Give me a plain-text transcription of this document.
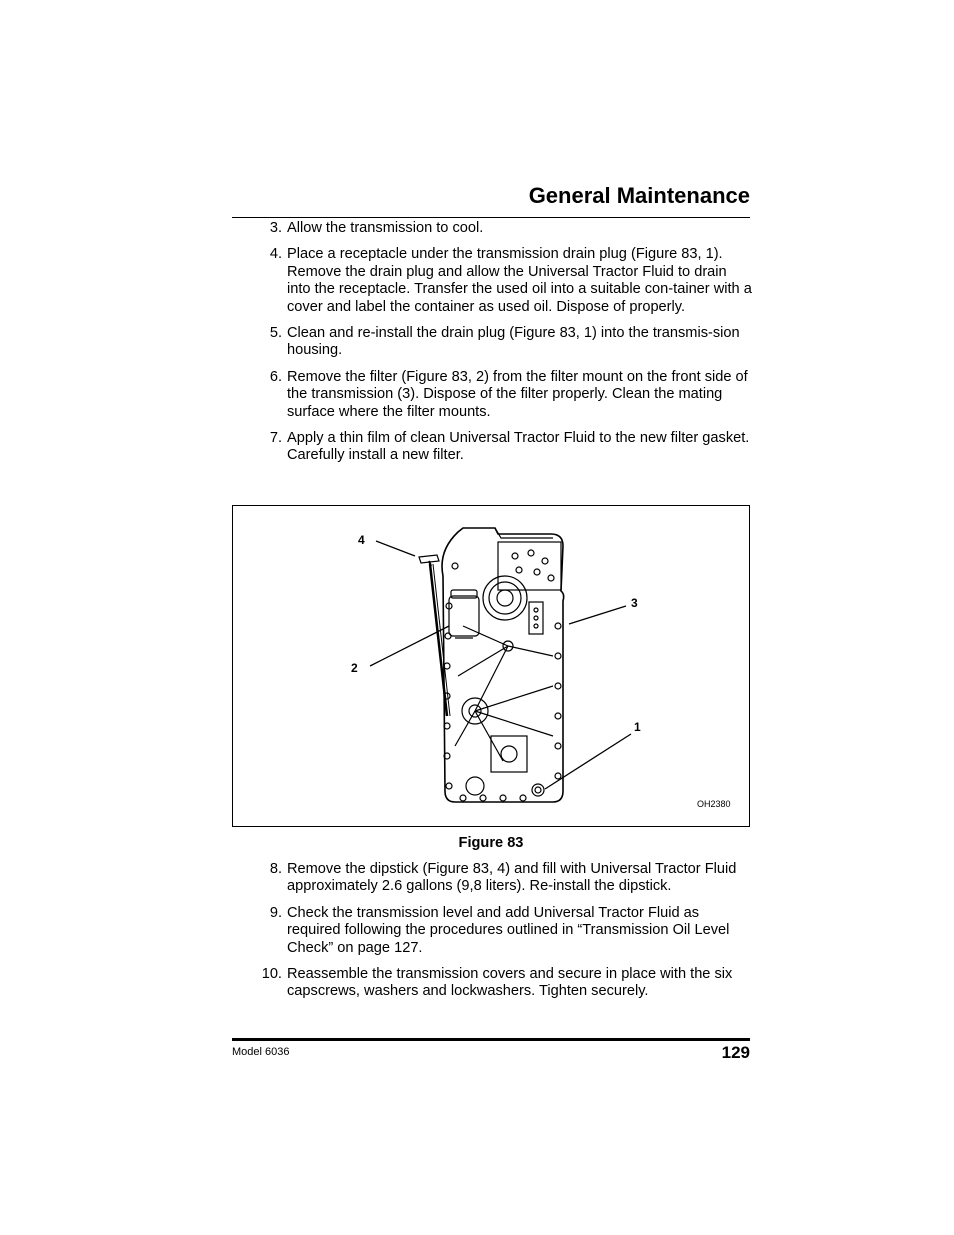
General Maintenance
3. Allow the transmission to cool.
4. Place a receptacle under the transmission drain plug (Figure 83, 1). Remove the drain plug and allow the Universal Tractor Fluid to drain into the receptacle. Transfer the used oil into a suitable con-tainer with a cover and label the container as used oil. Dispose of properly.
5. Clean and re-install the drain plug (Figure 83, 1) into the transmis-sion housing.
6. Remove the filter (Figure 83, 2) from the filter mount on the front side of the transmission (3). Dispose of the filter properly. Clean the mating surface where the filter mounts.
7. Apply a thin film of clean Universal Tractor Fluid to the new filter gasket. Carefully install a new filter.
1
2
3
4
OH2380
Figure 83
8. Remove the dipstick (Figure 83, 4) and fill with Universal Tractor Fluid approximately 2.6 gallons (9,8 liters). Re-install the dipstick.
9. Check the transmission level and add Universal Tractor Fluid as required following the procedures outlined in “Transmission Oil Level Check” on page 127.
10. Reassemble the transmission covers and secure in place with the six capscrews, washers and lockwashers. Tighten securely.
Model 6036	129
